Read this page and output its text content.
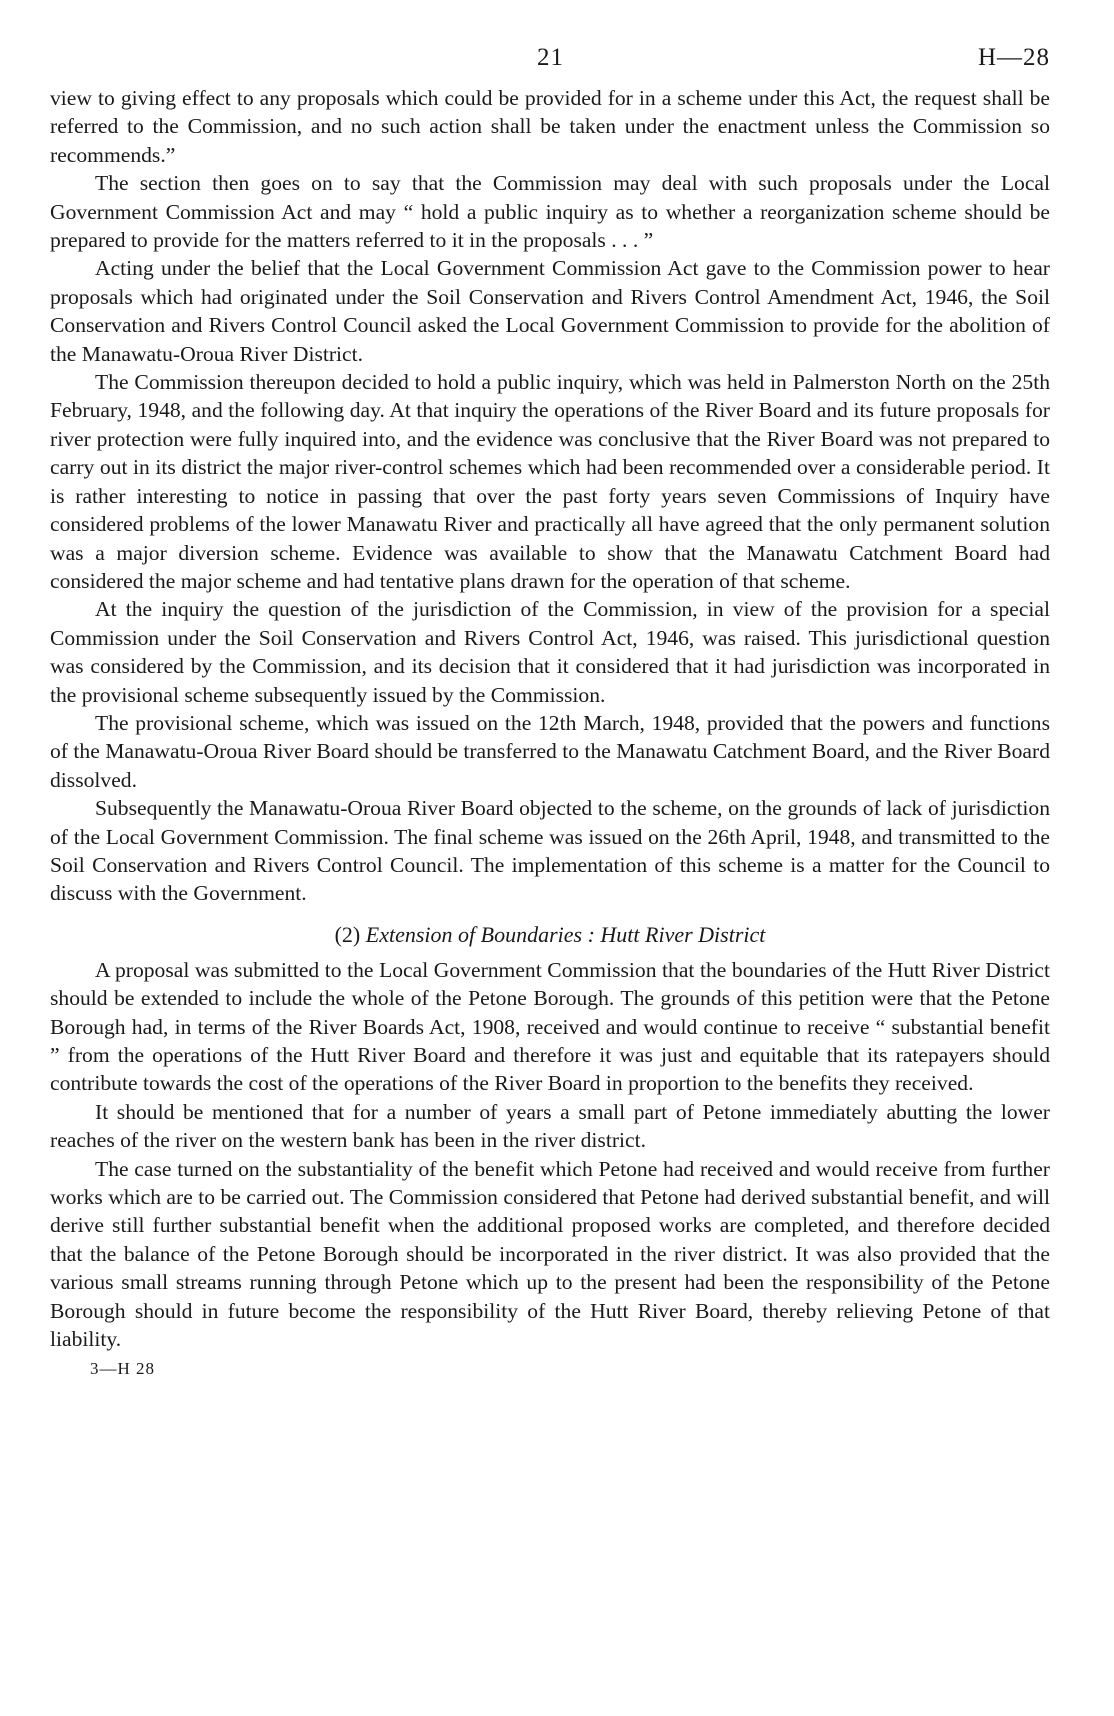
21	H—28

view to giving effect to any proposals which could be provided for in a scheme under this Act, the request shall be referred to the Commission, and no such action shall be taken under the enactment unless the Commission so recommends.”

The section then goes on to say that the Commission may deal with such proposals under the Local Government Commission Act and may “ hold a public inquiry as to whether a reorganization scheme should be prepared to provide for the matters referred to it in the proposals . . . ”

Acting under the belief that the Local Government Commission Act gave to the Commission power to hear proposals which had originated under the Soil Conservation and Rivers Control Amendment Act, 1946, the Soil Conservation and Rivers Control Council asked the Local Government Commission to provide for the abolition of the Manawatu-Oroua River District.

The Commission thereupon decided to hold a public inquiry, which was held in Palmerston North on the 25th February, 1948, and the following day. At that inquiry the operations of the River Board and its future proposals for river protection were fully inquired into, and the evidence was conclusive that the River Board was not prepared to carry out in its district the major river-control schemes which had been recommended over a considerable period. It is rather interesting to notice in passing that over the past forty years seven Commissions of Inquiry have considered problems of the lower Manawatu River and practically all have agreed that the only permanent solution was a major diversion scheme. Evidence was available to show that the Manawatu Catchment Board had considered the major scheme and had tentative plans drawn for the operation of that scheme.

At the inquiry the question of the jurisdiction of the Commission, in view of the provision for a special Commission under the Soil Conservation and Rivers Control Act, 1946, was raised. This jurisdictional question was considered by the Commission, and its decision that it considered that it had jurisdiction was incorporated in the provisional scheme subsequently issued by the Commission.

The provisional scheme, which was issued on the 12th March, 1948, provided that the powers and functions of the Manawatu-Oroua River Board should be transferred to the Manawatu Catchment Board, and the River Board dissolved.

Subsequently the Manawatu-Oroua River Board objected to the scheme, on the grounds of lack of jurisdiction of the Local Government Commission. The final scheme was issued on the 26th April, 1948, and transmitted to the Soil Conservation and Rivers Control Council. The implementation of this scheme is a matter for the Council to discuss with the Government.

(2) Extension of Boundaries : Hutt River District

A proposal was submitted to the Local Government Commission that the boundaries of the Hutt River District should be extended to include the whole of the Petone Borough. The grounds of this petition were that the Petone Borough had, in terms of the River Boards Act, 1908, received and would continue to receive “ substantial benefit ” from the operations of the Hutt River Board and therefore it was just and equitable that its ratepayers should contribute towards the cost of the operations of the River Board in proportion to the benefits they received.

It should be mentioned that for a number of years a small part of Petone immediately abutting the lower reaches of the river on the western bank has been in the river district.

The case turned on the substantiality of the benefit which Petone had received and would receive from further works which are to be carried out. The Commission considered that Petone had derived substantial benefit, and will derive still further substantial benefit when the additional proposed works are completed, and therefore decided that the balance of the Petone Borough should be incorporated in the river district. It was also provided that the various small streams running through Petone which up to the present had been the responsibility of the Petone Borough should in future become the responsibility of the Hutt River Board, thereby relieving Petone of that liability.

3—H 28
